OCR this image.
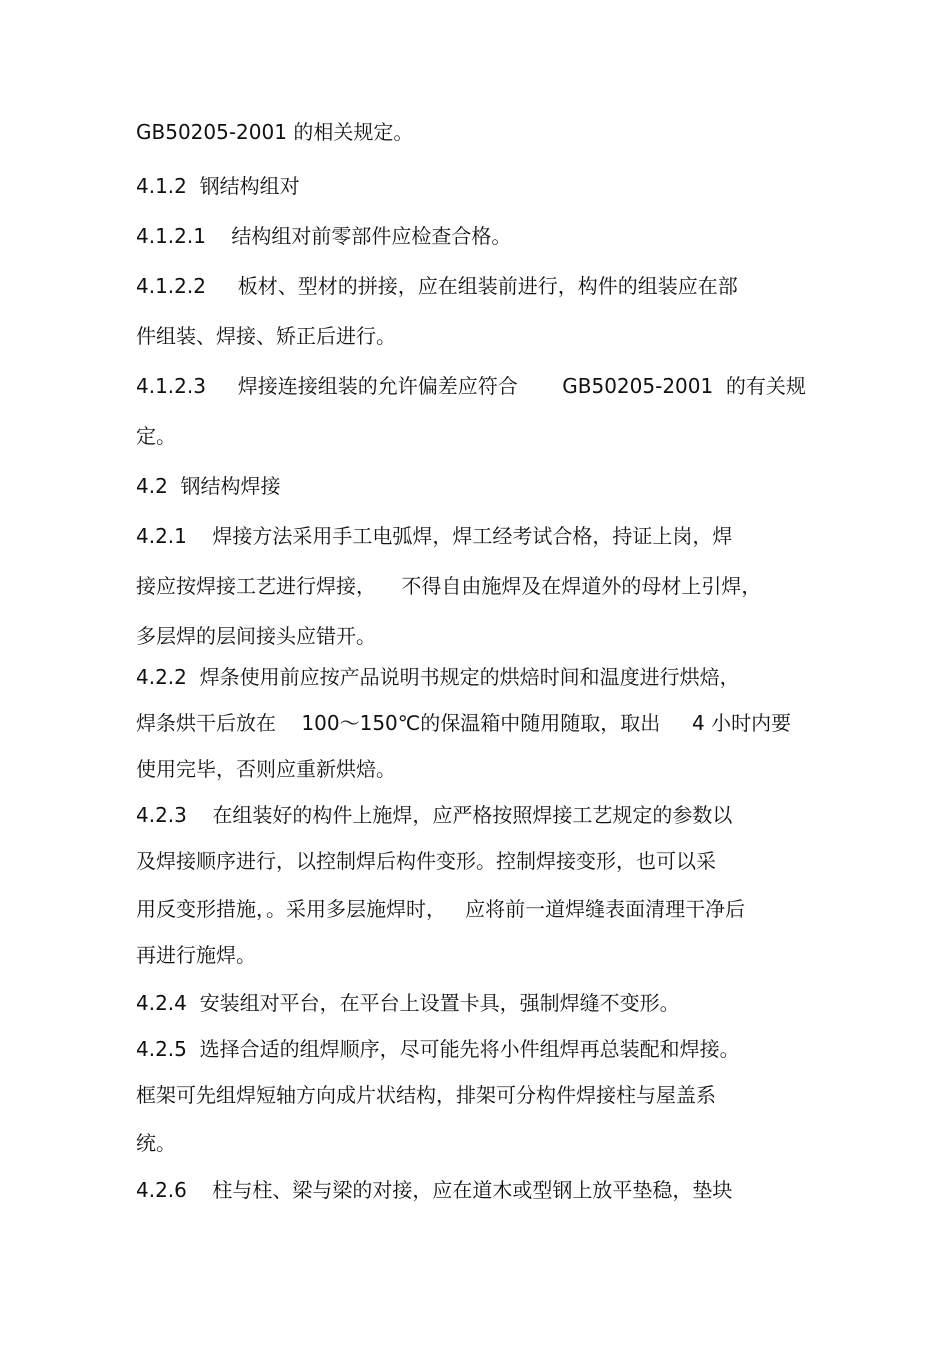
GB50205-2001 的相关规定。
4.1.2  钢结构组对
4.1.2.1    结构组对前零部件应检查合格。
4.1.2.2     板材、型材的拼接，应在组装前进行，构件的组装应在部
件组装、焊接、矫正后进行。
4.1.2.3     焊接连接组装的允许偏差应符合       GB50205-2001  的有关规
定。
4.2  钢结构焊接
4.2.1    焊接方法采用手工电弧焊，焊工经考试合格，持证上岗，焊
接应按焊接工艺进行焊接，    不得自由施焊及在焊道外的母材上引焊，
多层焊的层间接头应错开。
4.2.2  焊条使用前应按产品说明书规定的烘焙时间和温度进行烘焙，
焊条烘干后放在    100～150℃的保温箱中随用随取，取出     4 小时内要
使用完毕，否则应重新烘焙。
4.2.3    在组装好的构件上施焊，应严格按照焊接工艺规定的参数以
及焊接顺序进行，以控制焊后构件变形。控制焊接变形，也可以采
用反变形措施，。采用多层施焊时，   应将前一道焊缝表面清理干净后
再进行施焊。
4.2.4  安装组对平台，在平台上设置卡具，强制焊缝不变形。
4.2.5  选择合适的组焊顺序，尽可能先将小件组焊再总装配和焊接。
框架可先组焊短轴方向成片状结构，排架可分构件焊接柱与屋盖系
统。
4.2.6    柱与柱、梁与梁的对接，应在道木或型钢上放平垫稳，垫块
